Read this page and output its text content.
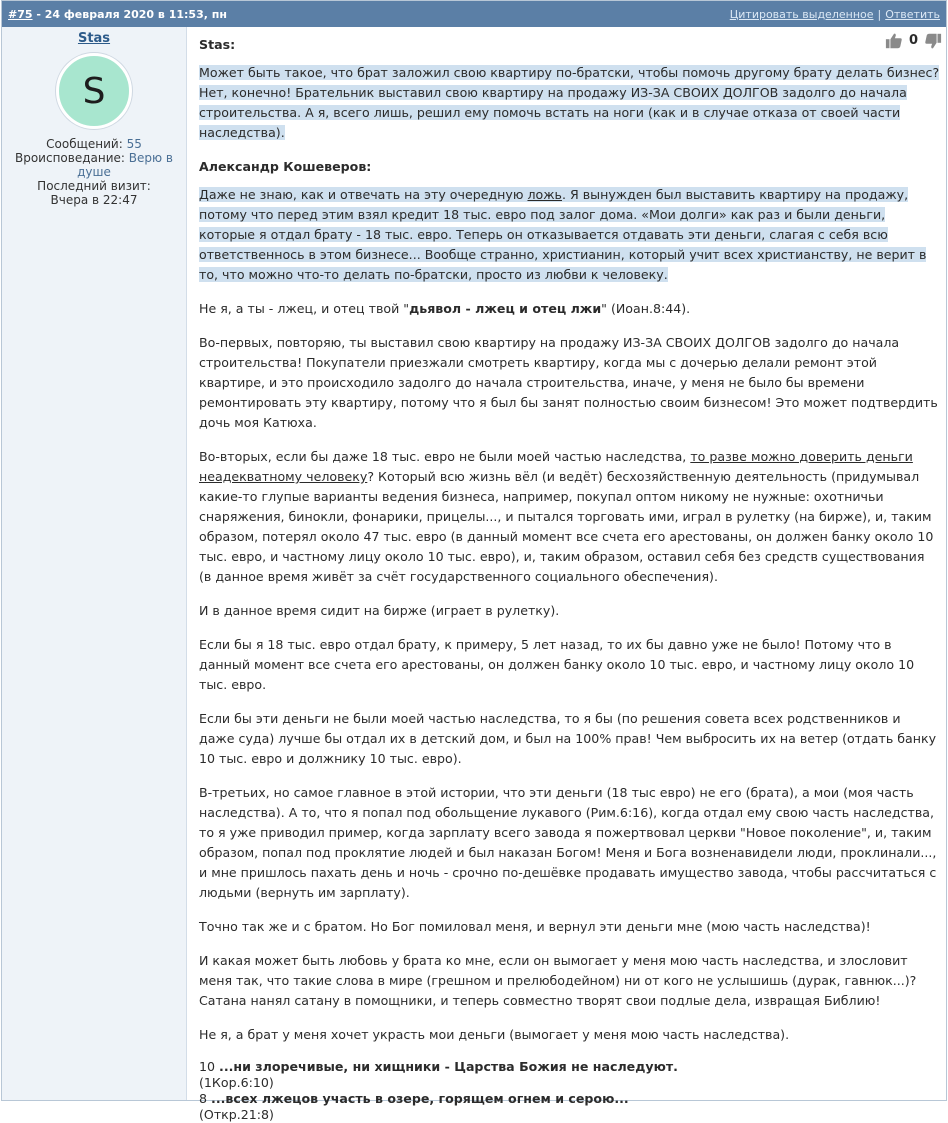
#75 - 24 февраля 2020 в 11:53, пн	Цитировать выделенное | Ответить
Stas
S
Сообщений: 55
Вроисповедание: Верю в душе
Последний визит:
Вчера в 22:47
0
Stas:
Может быть такое, что брат заложил свою квартиру по-братски, чтобы помочь другому брату делать бизнес? Нет, конечно! Брательник выставил свою квартиру на продажу ИЗ-ЗА СВОИХ ДОЛГОВ задолго до начала строительства. А я, всего лишь, решил ему помочь встать на ноги (как и в случае отказа от своей части наследства).
Александр Кошеверов:
Даже не знаю, как и отвечать на эту очередную ложь. Я вынужден был выставить квартиру на продажу, потому что перед этим взял кредит 18 тыс. евро под залог дома. «Мои долги» как раз и были деньги, которые я отдал брату - 18 тыс. евро. Теперь он отказывается отдавать эти деньги, слагая с себя всю ответственнось в этом бизнесе... Вообще странно, христианин, который учит всех христианству, не верит в то, что можно что-то делать по-братски, просто из любви к человеку.

Не я, а ты - лжец, и отец твой "дьявол - лжец и отец лжи" (Иоан.8:44).

Во-первых, повторяю, ты выставил свою квартиру на продажу ИЗ-ЗА СВОИХ ДОЛГОВ задолго до начала строительства! Покупатели приезжали смотреть квартиру, когда мы с дочерью делали ремонт этой квартире, и это происходило задолго до начала строительства, иначе, у меня не было бы времени ремонтировать эту квартиру, потому что я был бы занят полностью своим бизнесом! Это может подтвердить дочь моя Катюха.

Во-вторых, если бы даже 18 тыс. евро не были моей частью наследства, то разве можно доверить деньги неадекватному человеку? Который всю жизнь вёл (и ведёт) бесхозяйственную деятельность (придумывал какие-то глупые варианты ведения бизнеса, например, покупал оптом никому не нужные: охотничьи снаряжения, бинокли, фонарики, прицелы..., и пытался торговать ими, играл в рулетку (на бирже), и, таким образом, потерял около 47 тыс. евро (в данный момент все счета его арестованы, он должен банку около 10 тыс. евро, и частному лицу около 10 тыс. евро), и, таким образом, оставил себя без средств существования (в данное время живёт за счёт государственного социального обеспечения).

И в данное время сидит на бирже (играет в рулетку).

Если бы я 18 тыс. евро отдал брату, к примеру, 5 лет назад, то их бы давно уже не было! Потому что в данный момент все счета его арестованы, он должен банку около 10 тыс. евро, и частному лицу около 10 тыс. евро.

Если бы эти деньги не были моей частью наследства, то я бы (по решения совета всех родственников и даже суда) лучше бы отдал их в детский дом, и был на 100% прав! Чем выбросить их на ветер (отдать банку 10 тыс. евро и должнику 10 тыс. евро).

В-третьих, но самое главное в этой истории, что эти деньги (18 тыс евро) не его (брата), а мои (моя часть наследства). А то, что я попал под обольщение лукавого (Рим.6:16), когда отдал ему свою часть наследства, то я уже приводил пример, когда зарплату всего завода я пожертвовал церкви "Новое поколение", и, таким образом, попал под проклятие людей и был наказан Богом! Меня и Бога возненавидели люди, проклинали..., и мне пришлось пахать день и ночь - срочно по-дешёвке продавать имущество завода, чтобы рассчитаться с людьми (вернуть им зарплату).

Точно так же и с братом. Но Бог помиловал меня, и вернул эти деньги мне (мою часть наследства)!

И какая может быть любовь у брата ко мне, если он вымогает у меня мою часть наследства, и злословит меня так, что такие слова в мире (грешном и прелюбодейном) ни от кого не услышишь (дурак, гавнюк...)? Сатана нанял сатану в помощники, и теперь совместно творят свои подлые дела, извращая Библию!

Не я, а брат у меня хочет украсть мои деньги (вымогает у меня мою часть наследства).

10 ...ни злоречивые, ни хищники - Царства Божия не наследуют.
(1Кор.6:10)
8 ...всех лжецов участь в озере, горящем огнем и серою...
(Откр.21:8)
